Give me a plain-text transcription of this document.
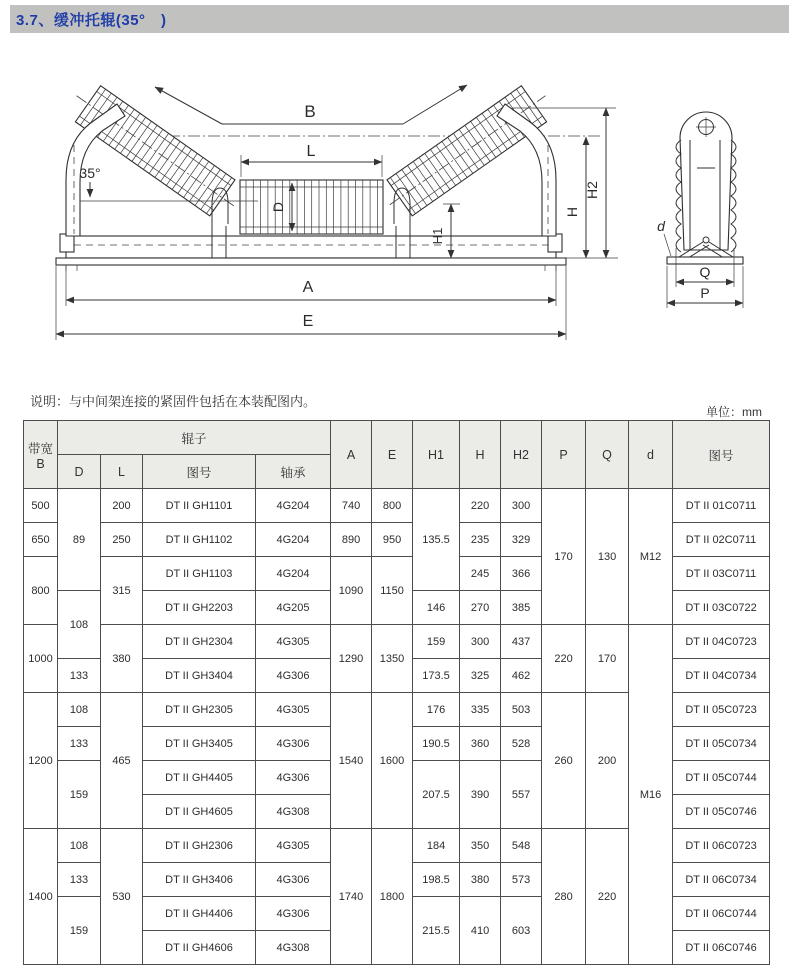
3.7、缓冲托辊(35°　)
B
L
D
35°
A
E
H1
H
H2
Q
P
d
说明：与中间架连接的紧固件包括在本装配图内。
单位：mm
带宽
B	辊子				A	E	H1	H	H2	P	Q	d	图号
	D	L	图号	轴承									
500	89	200	DT II GH1101	4G204	740	800	135.5	220	300	170	130	M12	DT II 01C0711
650		250	DT II GH1102	4G204	890	950		235	329				DT II 02C0711
800		315	DT II GH1103	4G204	1090	1150		245	366				DT II 03C0711
	108		DT II GH2203	4G205			146	270	385				DT II 03C0722
1000		380	DT II GH2304	4G305	1290	1350	159	300	437	220	170	M16	DT II 04C0723
	133		DT II GH3404	4G306			173.5	325	462				DT II 04C0734
1200	108	465	DT II GH2305	4G305	1540	1600	176	335	503	260	200		DT II 05C0723
	133		DT II GH3405	4G306			190.5	360	528				DT II 05C0734
	159		DT II GH4405	4G306			207.5	390	557				DT II 05C0744
			DT II GH4605	4G308									DT II 05C0746
1400	108	530	DT II GH2306	4G305	1740	1800	184	350	548	280	220		DT II 06C0723
	133		DT II GH3406	4G306			198.5	380	573				DT II 06C0734
	159		DT II GH4406	4G306			215.5	410	603				DT II 06C0744
			DT II GH4606	4G308									DT II 06C0746
